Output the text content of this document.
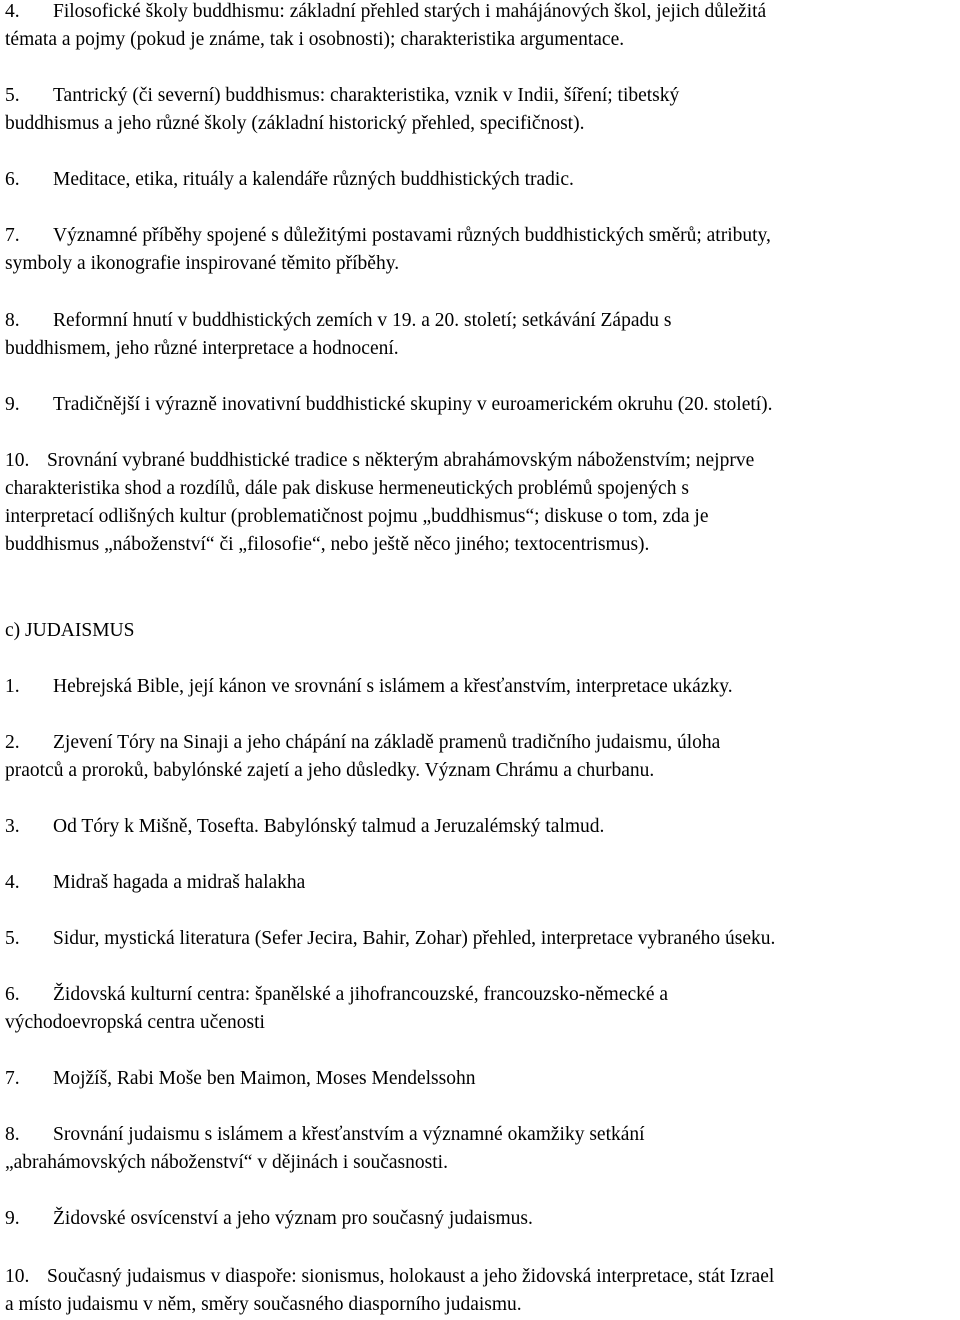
4. Filosofické školy buddhismu: základní přehled starých i mahájánových škol, jejich důležitá
témata a pojmy (pokud je známe, tak i osobnosti); charakteristika argumentace.
5. Tantrický (či severní) buddhismus: charakteristika, vznik v Indii, šíření; tibetský
buddhismus a jeho různé školy (základní historický přehled, specifičnost).
6. Meditace, etika, rituály a kalendáře různých buddhistických tradic.
7. Významné příběhy spojené s důležitými postavami různých buddhistických směrů; atributy,
symboly a ikonografie inspirované těmito příběhy.
8. Reformní hnutí v buddhistických zemích v 19. a 20. století; setkávání Západu s
buddhismem, jeho různé interpretace a hodnocení.
9. Tradičnější i výrazně inovativní buddhistické skupiny v euroamerickém okruhu (20. století).
10. Srovnání vybrané buddhistické tradice s některým abrahámovským náboženstvím; nejprve
charakteristika shod a rozdílů, dále pak diskuse hermeneutických problémů spojených s
interpretací odlišných kultur (problematičnost pojmu „buddhismus“; diskuse o tom, zda je
buddhismus „náboženství“ či „filosofie“, nebo ještě něco jiného; textocentrismus).
c) JUDAISMUS
1. Hebrejská Bible, její kánon ve srovnání s islámem a křesťanstvím, interpretace ukázky.
2. Zjevení Tóry na Sinaji a jeho chápání na základě pramenů tradičního judaismu, úloha
praotců a proroků, babylónské zajetí a jeho důsledky. Význam Chrámu a churbanu.
3. Od Tóry k Mišně, Tosefta. Babylónský talmud a Jeruzalémský talmud.
4. Midraš hagada a midraš halakha
5. Sidur, mystická literatura (Sefer Jecira, Bahir, Zohar) přehled, interpretace vybraného úseku.
6. Židovská kulturní centra: španělské a jihofrancouzské, francouzsko-německé a
východoevropská centra učenosti
7. Mojžíš, Rabi Moše ben Maimon, Moses Mendelssohn
8. Srovnání judaismu s islámem a křesťanstvím a významné okamžiky setkání
„abrahámovských náboženství“ v dějinách i současnosti.
9. Židovské osvícenství a jeho význam pro současný judaismus.
10. Současný judaismus v diaspoře: sionismus, holokaust a jeho židovská interpretace, stát Izrael
a místo judaismu v něm, směry současného diasporního judaismu.
